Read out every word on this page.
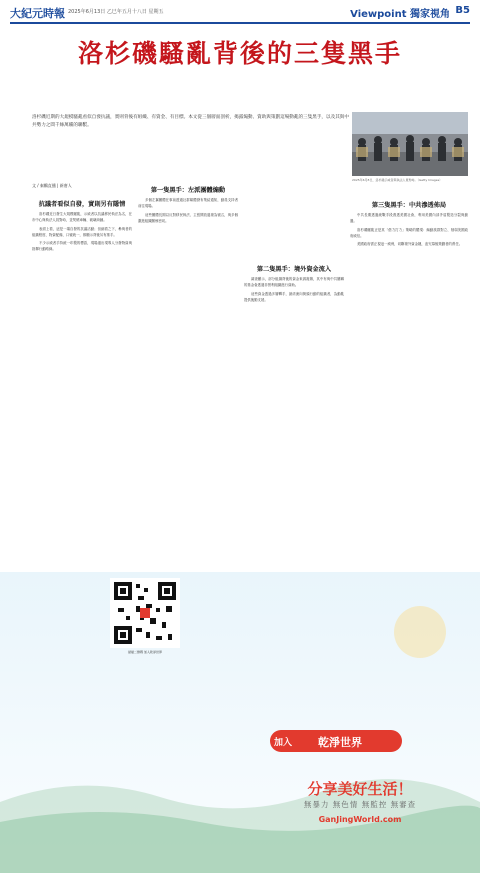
大紀元時報 2025年6月13日 乙巳年五月十八日 星期五	Viewpoint 獨家視角 B5
洛杉磯騷亂背後的三隻黑手
洛杉磯近期的大規模騷亂看似自發抗議，實則背後有組織、有資金、有目標。本文從三個層面剖析，揭露煽動、資助與策劃這場動亂的三隻黑手，以及其與中共勢力之間千絲萬縷的聯繫。
2025年6月8日，洛杉磯示威者與執法人員對峙。（Getty Images）
文 / 秦鵬直播 | 新唐人
抗議者看似自發，實則另有隱情

洛杉磯近日發生大規模騷亂，示威者以抗議移民執法為名，在市中心與執法人員對峙，並焚燒車輛、破壞商鋪。

表面上看，這是一場自發的抗議活動；但細看之下，參與者的組織程度、物資配備、口號統一，都顯示背後另有推手。

不少示威者手持統一印製的標語，現場還出現專人分發物資與指揮行動路線。

第一隻黑手：左派團體煽動

多個左翼團體在事前透過社群媒體發布集結通知，動員支持者前往現場。

這些團體長期以反對移民執法、主張開放邊境為號召，與多個激進組織關係密切。

第二隻黑手：境外資金流入

調查顯示，部分組織背後的資金來源複雜，其中有與中共關聯的基金會透過非營利組織進行資助。

這些資金透過多層轉手，最終流向街頭行動的組織者，為動亂提供後勤支援。

第三隻黑手：中共滲透佈局

中共長期透過統戰手段滲透美國社會，利用美國內部矛盾製造分裂與動盪。

洛杉磯騷亂正是其「借力打力」策略的體現：煽動族群對立、削弱美國政府威信。

美國政府需正視這一威脅，切斷境外資金鏈，追究幕後策劃者的責任。

掃描二維碼 加入乾淨世界
加入 乾淨世界
分享美好生活！
無暴力 無色情 無監控 無審查
GanJingWorld.com
